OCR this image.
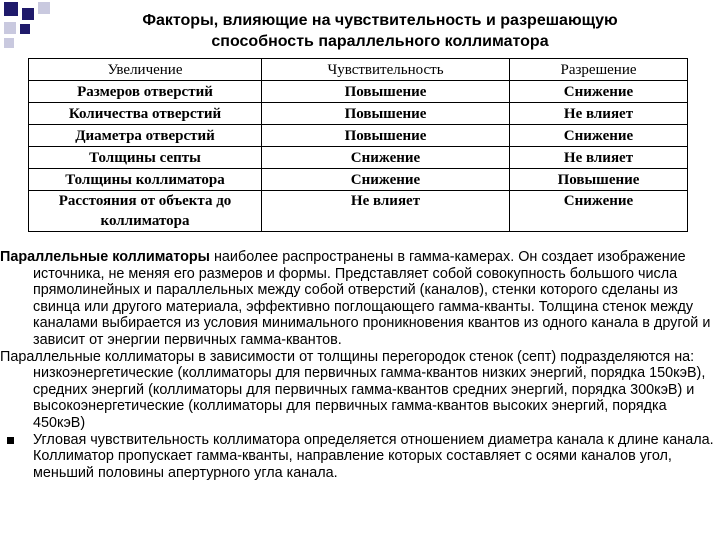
Факторы, влияющие на чувствительность и разрешающую
способность параллельного коллиматора
Увеличение	Чувствительность	Разрешение
Размеров отверстий	Повышение	Снижение
Количества отверстий	Повышение	Не влияет
Диаметра отверстий	Повышение	Снижение
Толщины септы	Снижение	Не влияет
Толщины коллиматора	Снижение	Повышение
Расстояния от объекта до коллиматора	Не влияет	Снижение

Параллельные коллиматоры наиболее распространены в гамма-камерах. Он создает изображение источника, не меняя его размеров и формы. Представляет собой совокупность большого числа прямолинейных и параллельных между собой отверстий (каналов), стенки которого сделаны из свинца или другого материала, эффективно поглощающего гамма-кванты. Толщина стенок между каналами выбирается из условия минимального проникновения квантов из одного канала в другой и зависит от энергии первичных гамма-квантов.

Параллельные коллиматоры в зависимости от толщины перегородок стенок (септ) подразделяются на: низкоэнергетические (коллиматоры для первичных гамма-квантов низких энергий, порядка 150кэВ), средних энергий (коллиматоры для первичных гамма-квантов средних энергий, порядка 300кэВ) и высокоэнергетические (коллиматоры для первичных гамма-квантов высоких энергий, порядка 450кэВ)

Угловая чувствительность коллиматора определяется отношением диаметра канала к длине канала. Коллиматор пропускает гамма-кванты, направление которых составляет с осями каналов угол, меньший половины апертурного угла канала.
